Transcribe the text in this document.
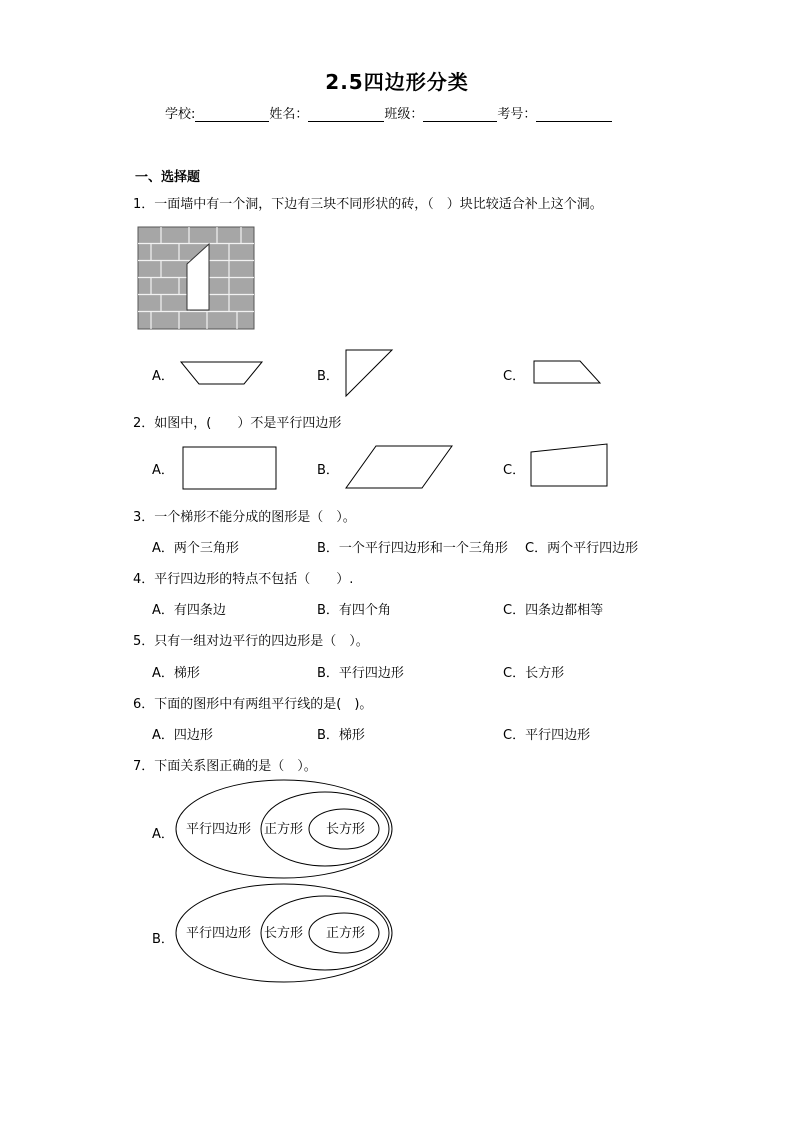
2.5四边形分类
学校:	姓名：	班级：	考号：
一、选择题
1．一面墙中有一个洞，下边有三块不同形状的砖，（　）块比较适合补上这个洞。
A．	B．	C．
2．如图中，(　　）不是平行四边形
A．	B．	C．
3．一个梯形不能分成的图形是（　）。
A．两个三角形	B．一个平行四边形和一个三角形 C．两个平行四边形
4．平行四边形的特点不包括（　　）.
A．有四条边	B．有四个角	C．四条边都相等
5．只有一组对边平行的四边形是（　）。
A．梯形	B．平行四边形	C．长方形
6．下面的图形中有两组平行线的是(　)。
A．四边形	B．梯形	C．平行四边形
7．下面关系图正确的是（　）。
A． 平行四边形 正方形 长方形
B． 平行四边形 长方形 正方形
